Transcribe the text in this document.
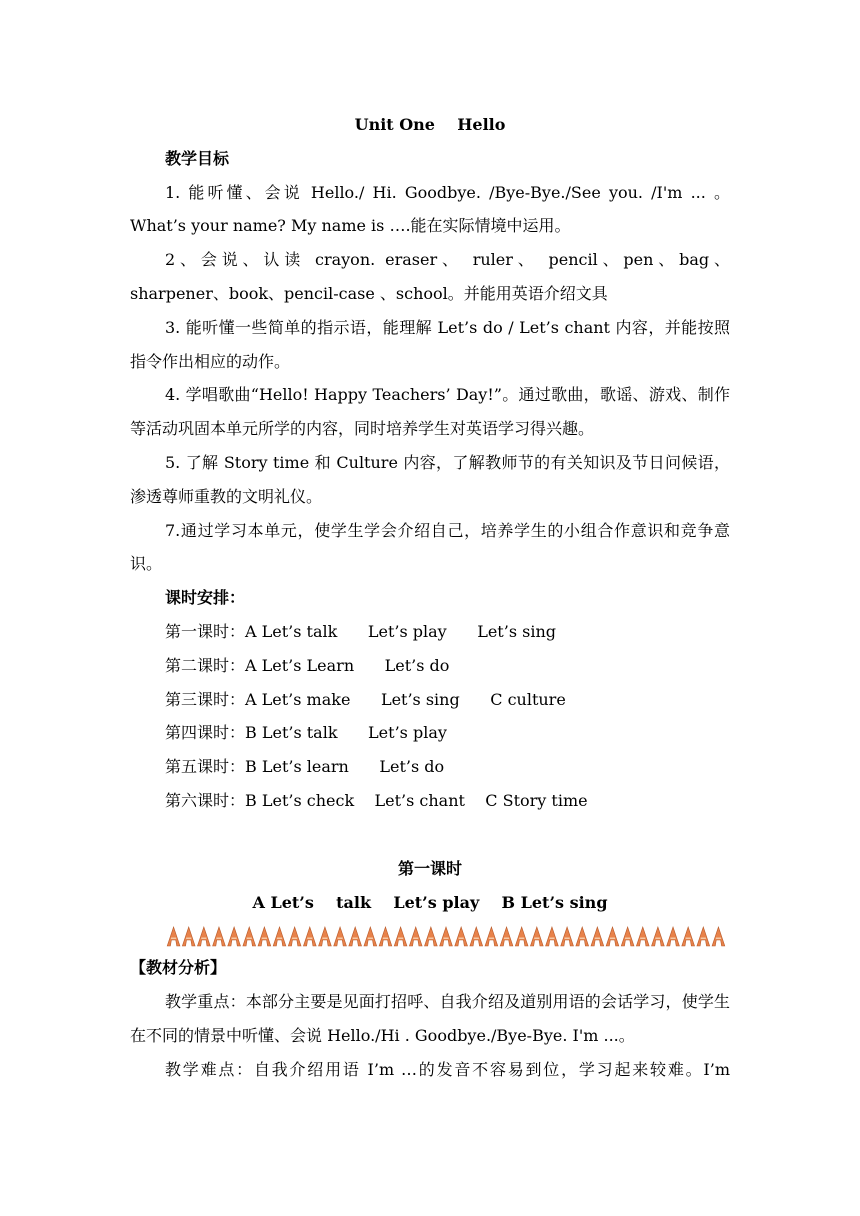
Unit One    Hello

教学目标

1. 能听懂、会说 Hello./ Hi. Goodbye. /Bye-Bye./See you. /I'm ... 。What’s your name? My name is ….能在实际情境中运用。

2、会说、认读 crayon. eraser、 ruler、 pencil、pen、bag、sharpener、book、pencil-case 、school。并能用英语介绍文具

3. 能听懂一些简单的指示语，能理解 Let’s do / Let’s chant 内容，并能按照指令作出相应的动作。

4. 学唱歌曲“Hello! Happy Teachers’ Day!”。通过歌曲，歌谣、游戏、制作等活动巩固本单元所学的内容，同时培养学生对英语学习得兴趣。

5. 了解 Story time 和 Culture 内容，了解教师节的有关知识及节日问候语，渗透尊师重教的文明礼仪。

7.通过学习本单元，使学生学会介绍自己，培养学生的小组合作意识和竞争意识。

课时安排：

第一课时：A Let’s talk      Let’s play      Let’s sing

第二课时：A Let’s Learn      Let’s do

第三课时：A Let’s make      Let’s sing      C culture

第四课时：B Let’s talk      Let’s play

第五课时：B Let’s learn      Let’s do

第六课时：B Let’s check    Let’s chant    C Story time

第一课时

A Let’s    talk    Let’s play    B Let’s sing

【教材分析】

教学重点：本部分主要是见面打招呼、自我介绍及道别用语的会话学习，使学生在不同的情景中听懂、会说 Hello./Hi . Goodbye./Bye-Bye. I'm ...。

教学难点：自我介绍用语 I’m …的发音不容易到位，学习起来较难。I’m
